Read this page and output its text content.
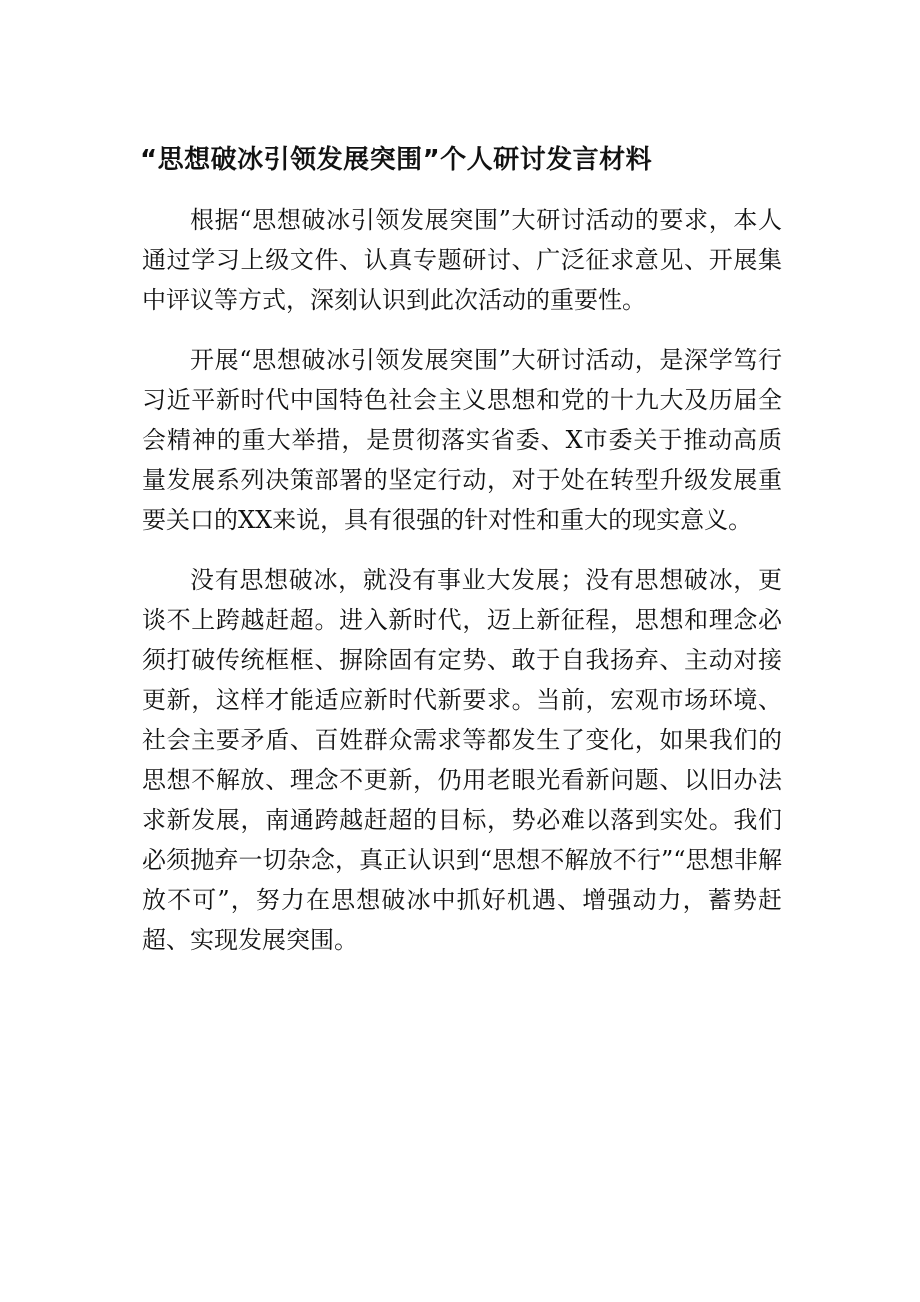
“思想破冰引领发展突围”个人研讨发言材料

根据“思想破冰引领发展突围”大研讨活动的要求，本人通过学习上级文件、认真专题研讨、广泛征求意见、开展集中评议等方式，深刻认识到此次活动的重要性。

开展“思想破冰引领发展突围”大研讨活动，是深学笃行习近平新时代中国特色社会主义思想和党的十九大及历届全会精神的重大举措，是贯彻落实省委、X市委关于推动高质量发展系列决策部署的坚定行动，对于处在转型升级发展重要关口的XX来说，具有很强的针对性和重大的现实意义。

没有思想破冰，就没有事业大发展；没有思想破冰，更谈不上跨越赶超。进入新时代，迈上新征程，思想和理念必须打破传统框框、摒除固有定势、敢于自我扬弃、主动对接更新，这样才能适应新时代新要求。当前，宏观市场环境、社会主要矛盾、百姓群众需求等都发生了变化，如果我们的思想不解放、理念不更新，仍用老眼光看新问题、以旧办法求新发展，南通跨越赶超的目标，势必难以落到实处。我们必须抛弃一切杂念，真正认识到“思想不解放不行”“思想非解放不可”，努力在思想破冰中抓好机遇、增强动力，蓄势赶超、实现发展突围。
